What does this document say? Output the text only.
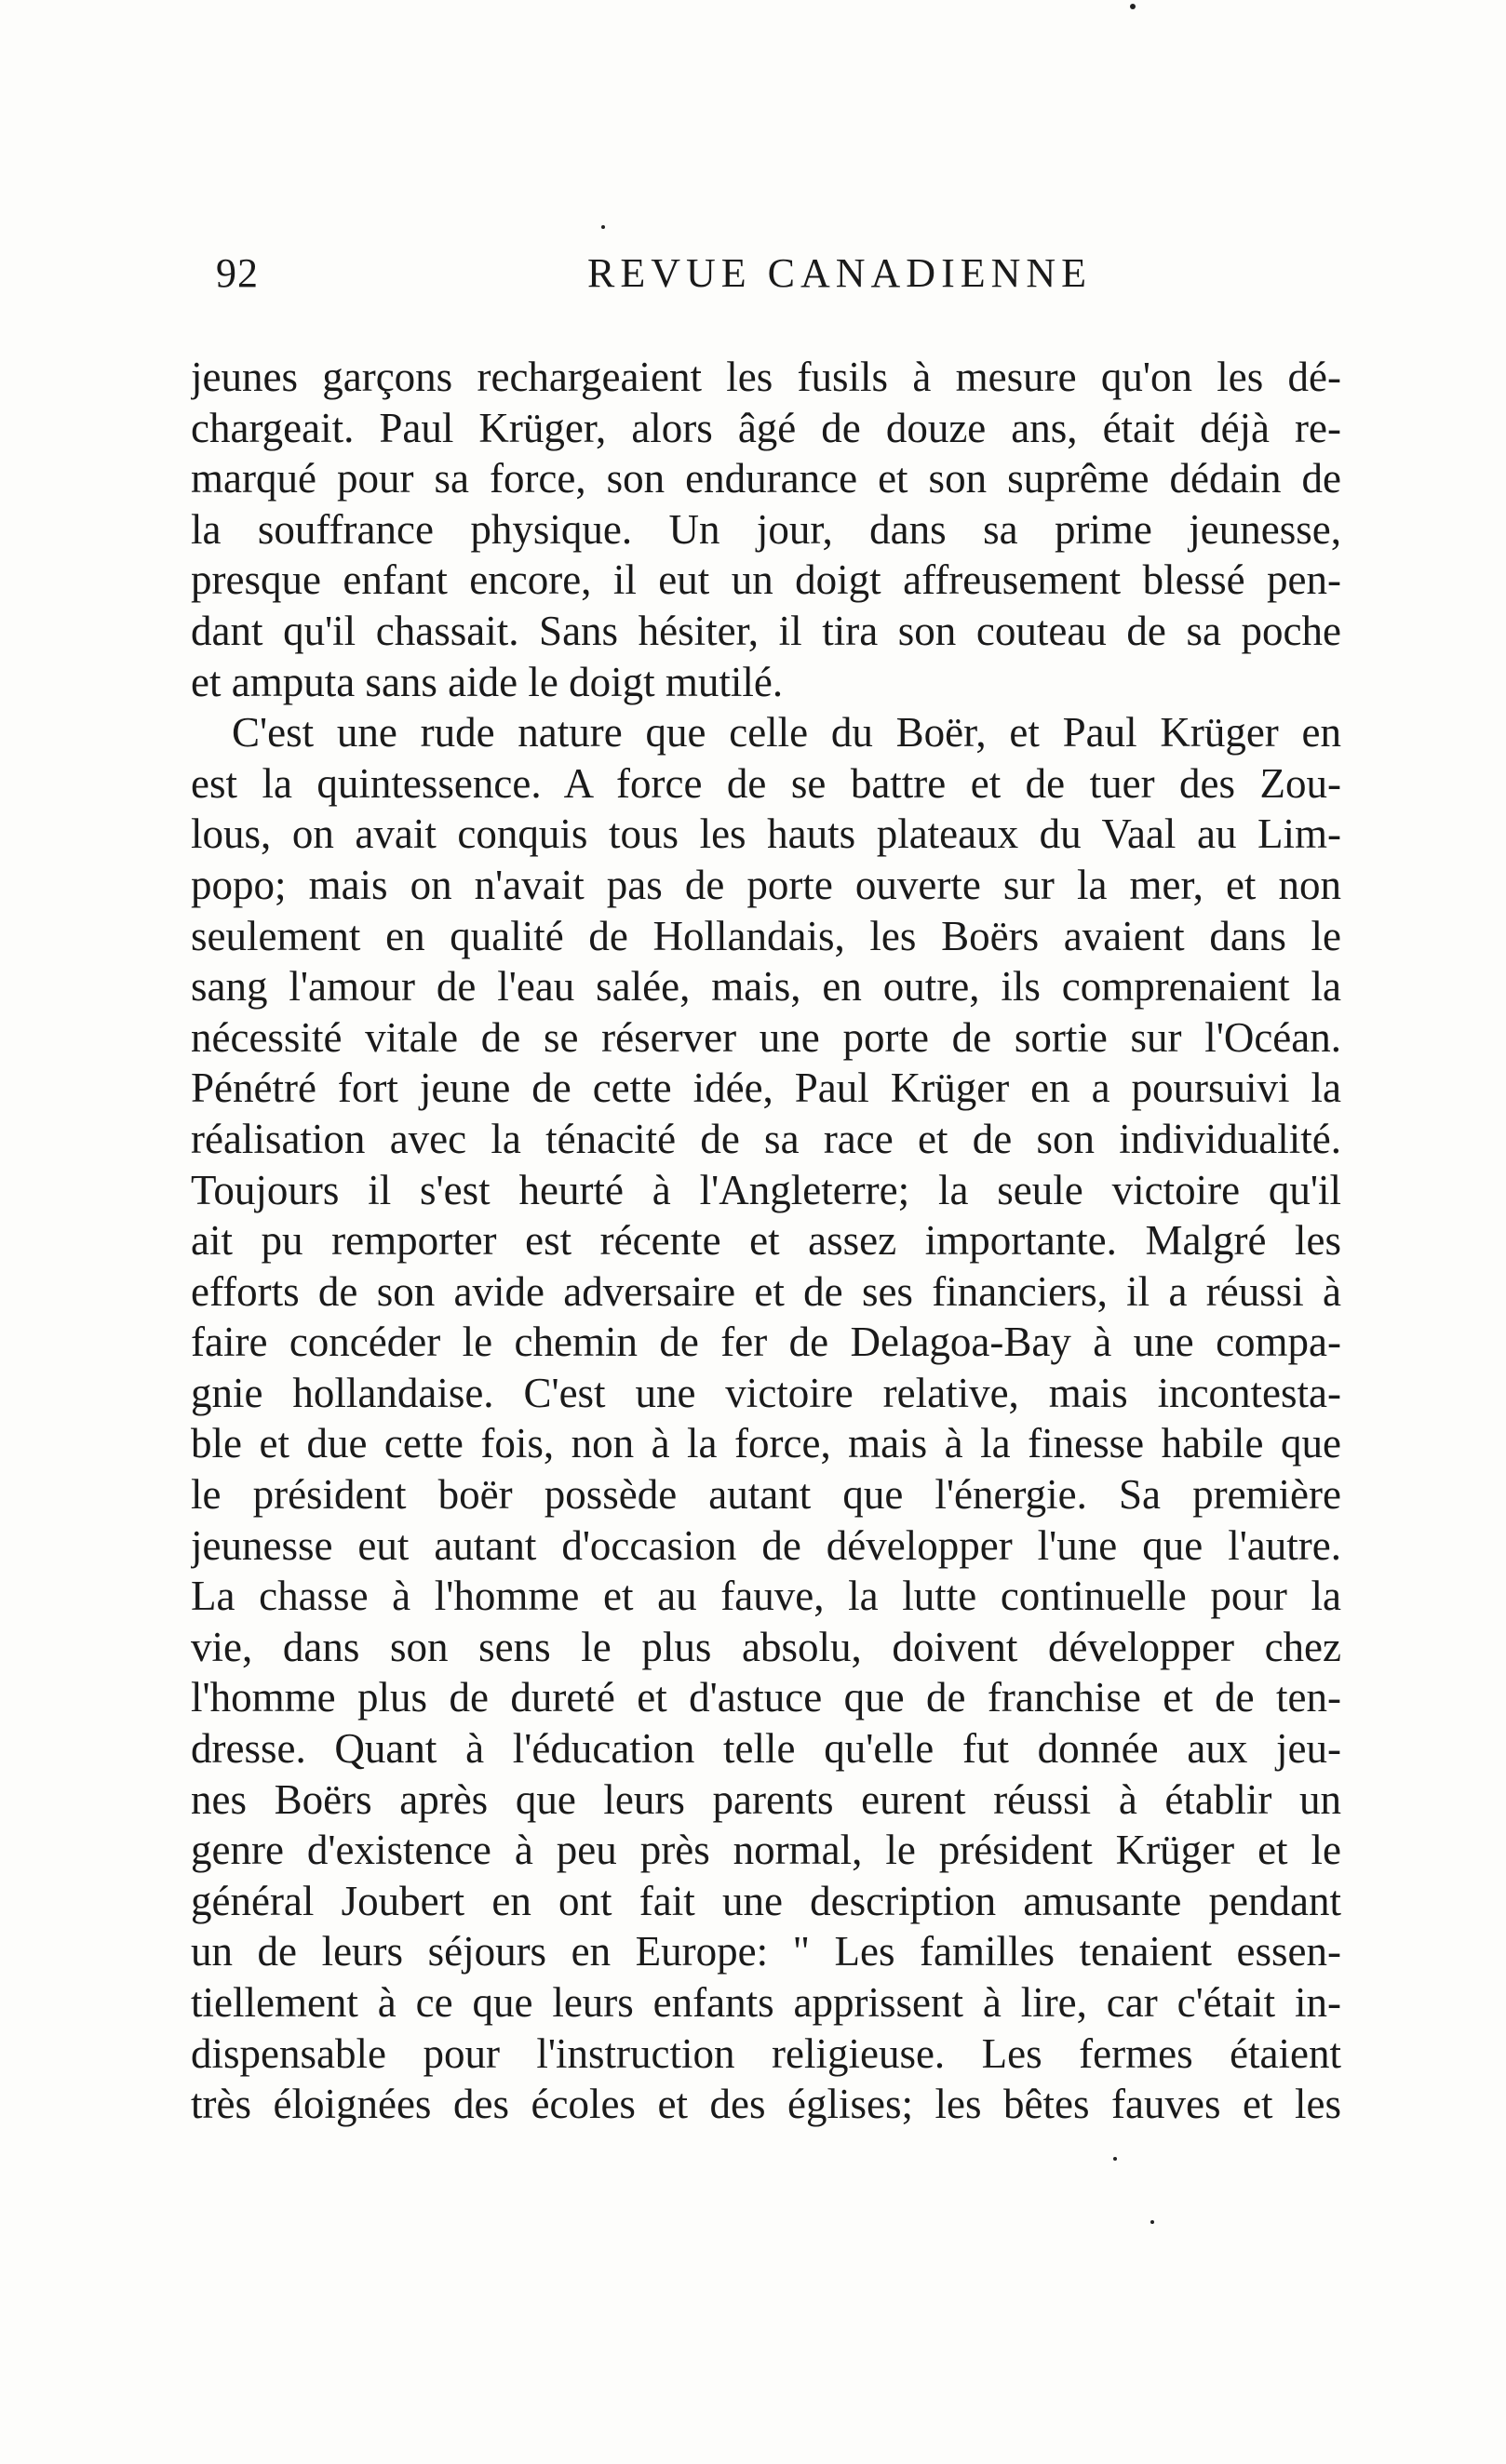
92	REVUE CANADIENNE
jeunes garçons rechargeaient les fusils à mesure qu'on les dé-
chargeait. Paul Krüger, alors âgé de douze ans, était déjà re-
marqué pour sa force, son endurance et son suprême dédain de
la souffrance physique. Un jour, dans sa prime jeunesse,
presque enfant encore, il eut un doigt affreusement blessé pen-
dant qu'il chassait. Sans hésiter, il tira son couteau de sa poche
et amputa sans aide le doigt mutilé.
C'est une rude nature que celle du Boër, et Paul Krüger en
est la quintessence. A force de se battre et de tuer des Zou-
lous, on avait conquis tous les hauts plateaux du Vaal au Lim-
popo; mais on n'avait pas de porte ouverte sur la mer, et non
seulement en qualité de Hollandais, les Boërs avaient dans le
sang l'amour de l'eau salée, mais, en outre, ils comprenaient la
nécessité vitale de se réserver une porte de sortie sur l'Océan.
Pénétré fort jeune de cette idée, Paul Krüger en a poursuivi la
réalisation avec la ténacité de sa race et de son individualité.
Toujours il s'est heurté à l'Angleterre; la seule victoire qu'il
ait pu remporter est récente et assez importante. Malgré les
efforts de son avide adversaire et de ses financiers, il a réussi à
faire concéder le chemin de fer de Delagoa-Bay à une compa-
gnie hollandaise. C'est une victoire relative, mais incontesta-
ble et due cette fois, non à la force, mais à la finesse habile que
le président boër possède autant que l'énergie. Sa première
jeunesse eut autant d'occasion de développer l'une que l'autre.
La chasse à l'homme et au fauve, la lutte continuelle pour la
vie, dans son sens le plus absolu, doivent développer chez
l'homme plus de dureté et d'astuce que de franchise et de ten-
dresse. Quant à l'éducation telle qu'elle fut donnée aux jeu-
nes Boërs après que leurs parents eurent réussi à établir un
genre d'existence à peu près normal, le président Krüger et le
général Joubert en ont fait une description amusante pendant
un de leurs séjours en Europe: " Les familles tenaient essen-
tiellement à ce que leurs enfants apprissent à lire, car c'était in-
dispensable pour l'instruction religieuse. Les fermes étaient
très éloignées des écoles et des églises; les bêtes fauves et les
